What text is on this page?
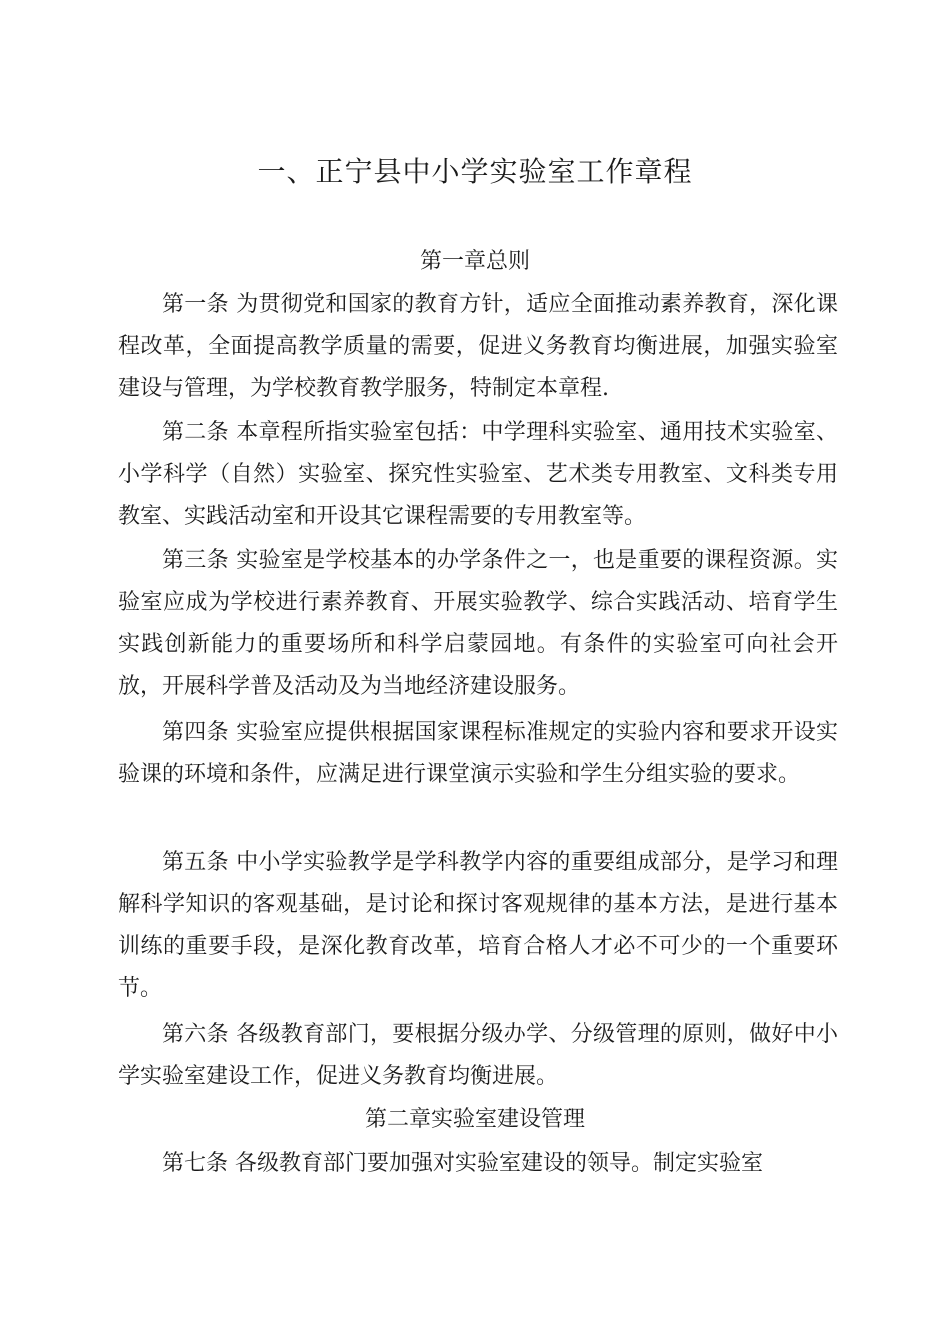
一、正宁县中小学实验室工作章程
第一章总则

第一条 为贯彻党和国家的教育方针，适应全面推动素养教育，深化课程改革，全面提高教学质量的需要，促进义务教育均衡进展，加强实验室建设与管理，为学校教育教学服务，特制定本章程.

第二条 本章程所指实验室包括：中学理科实验室、通用技术实验室、小学科学（自然）实验室、探究性实验室、艺术类专用教室、文科类专用教室、实践活动室和开设其它课程需要的专用教室等。

第三条 实验室是学校基本的办学条件之一，也是重要的课程资源。实验室应成为学校进行素养教育、开展实验教学、综合实践活动、培育学生实践创新能力的重要场所和科学启蒙园地。有条件的实验室可向社会开放，开展科学普及活动及为当地经济建设服务。

第四条 实验室应提供根据国家课程标准规定的实验内容和要求开设实验课的环境和条件，应满足进行课堂演示实验和学生分组实验的要求。

第五条 中小学实验教学是学科教学内容的重要组成部分，是学习和理解科学知识的客观基础，是讨论和探讨客观规律的基本方法，是进行基本训练的重要手段，是深化教育改革，培育合格人才必不可少的一个重要环节。

第六条 各级教育部门，要根据分级办学、分级管理的原则，做好中小学实验室建设工作，促进义务教育均衡进展。

第二章实验室建设管理

第七条 各级教育部门要加强对实验室建设的领导。制定实验室
